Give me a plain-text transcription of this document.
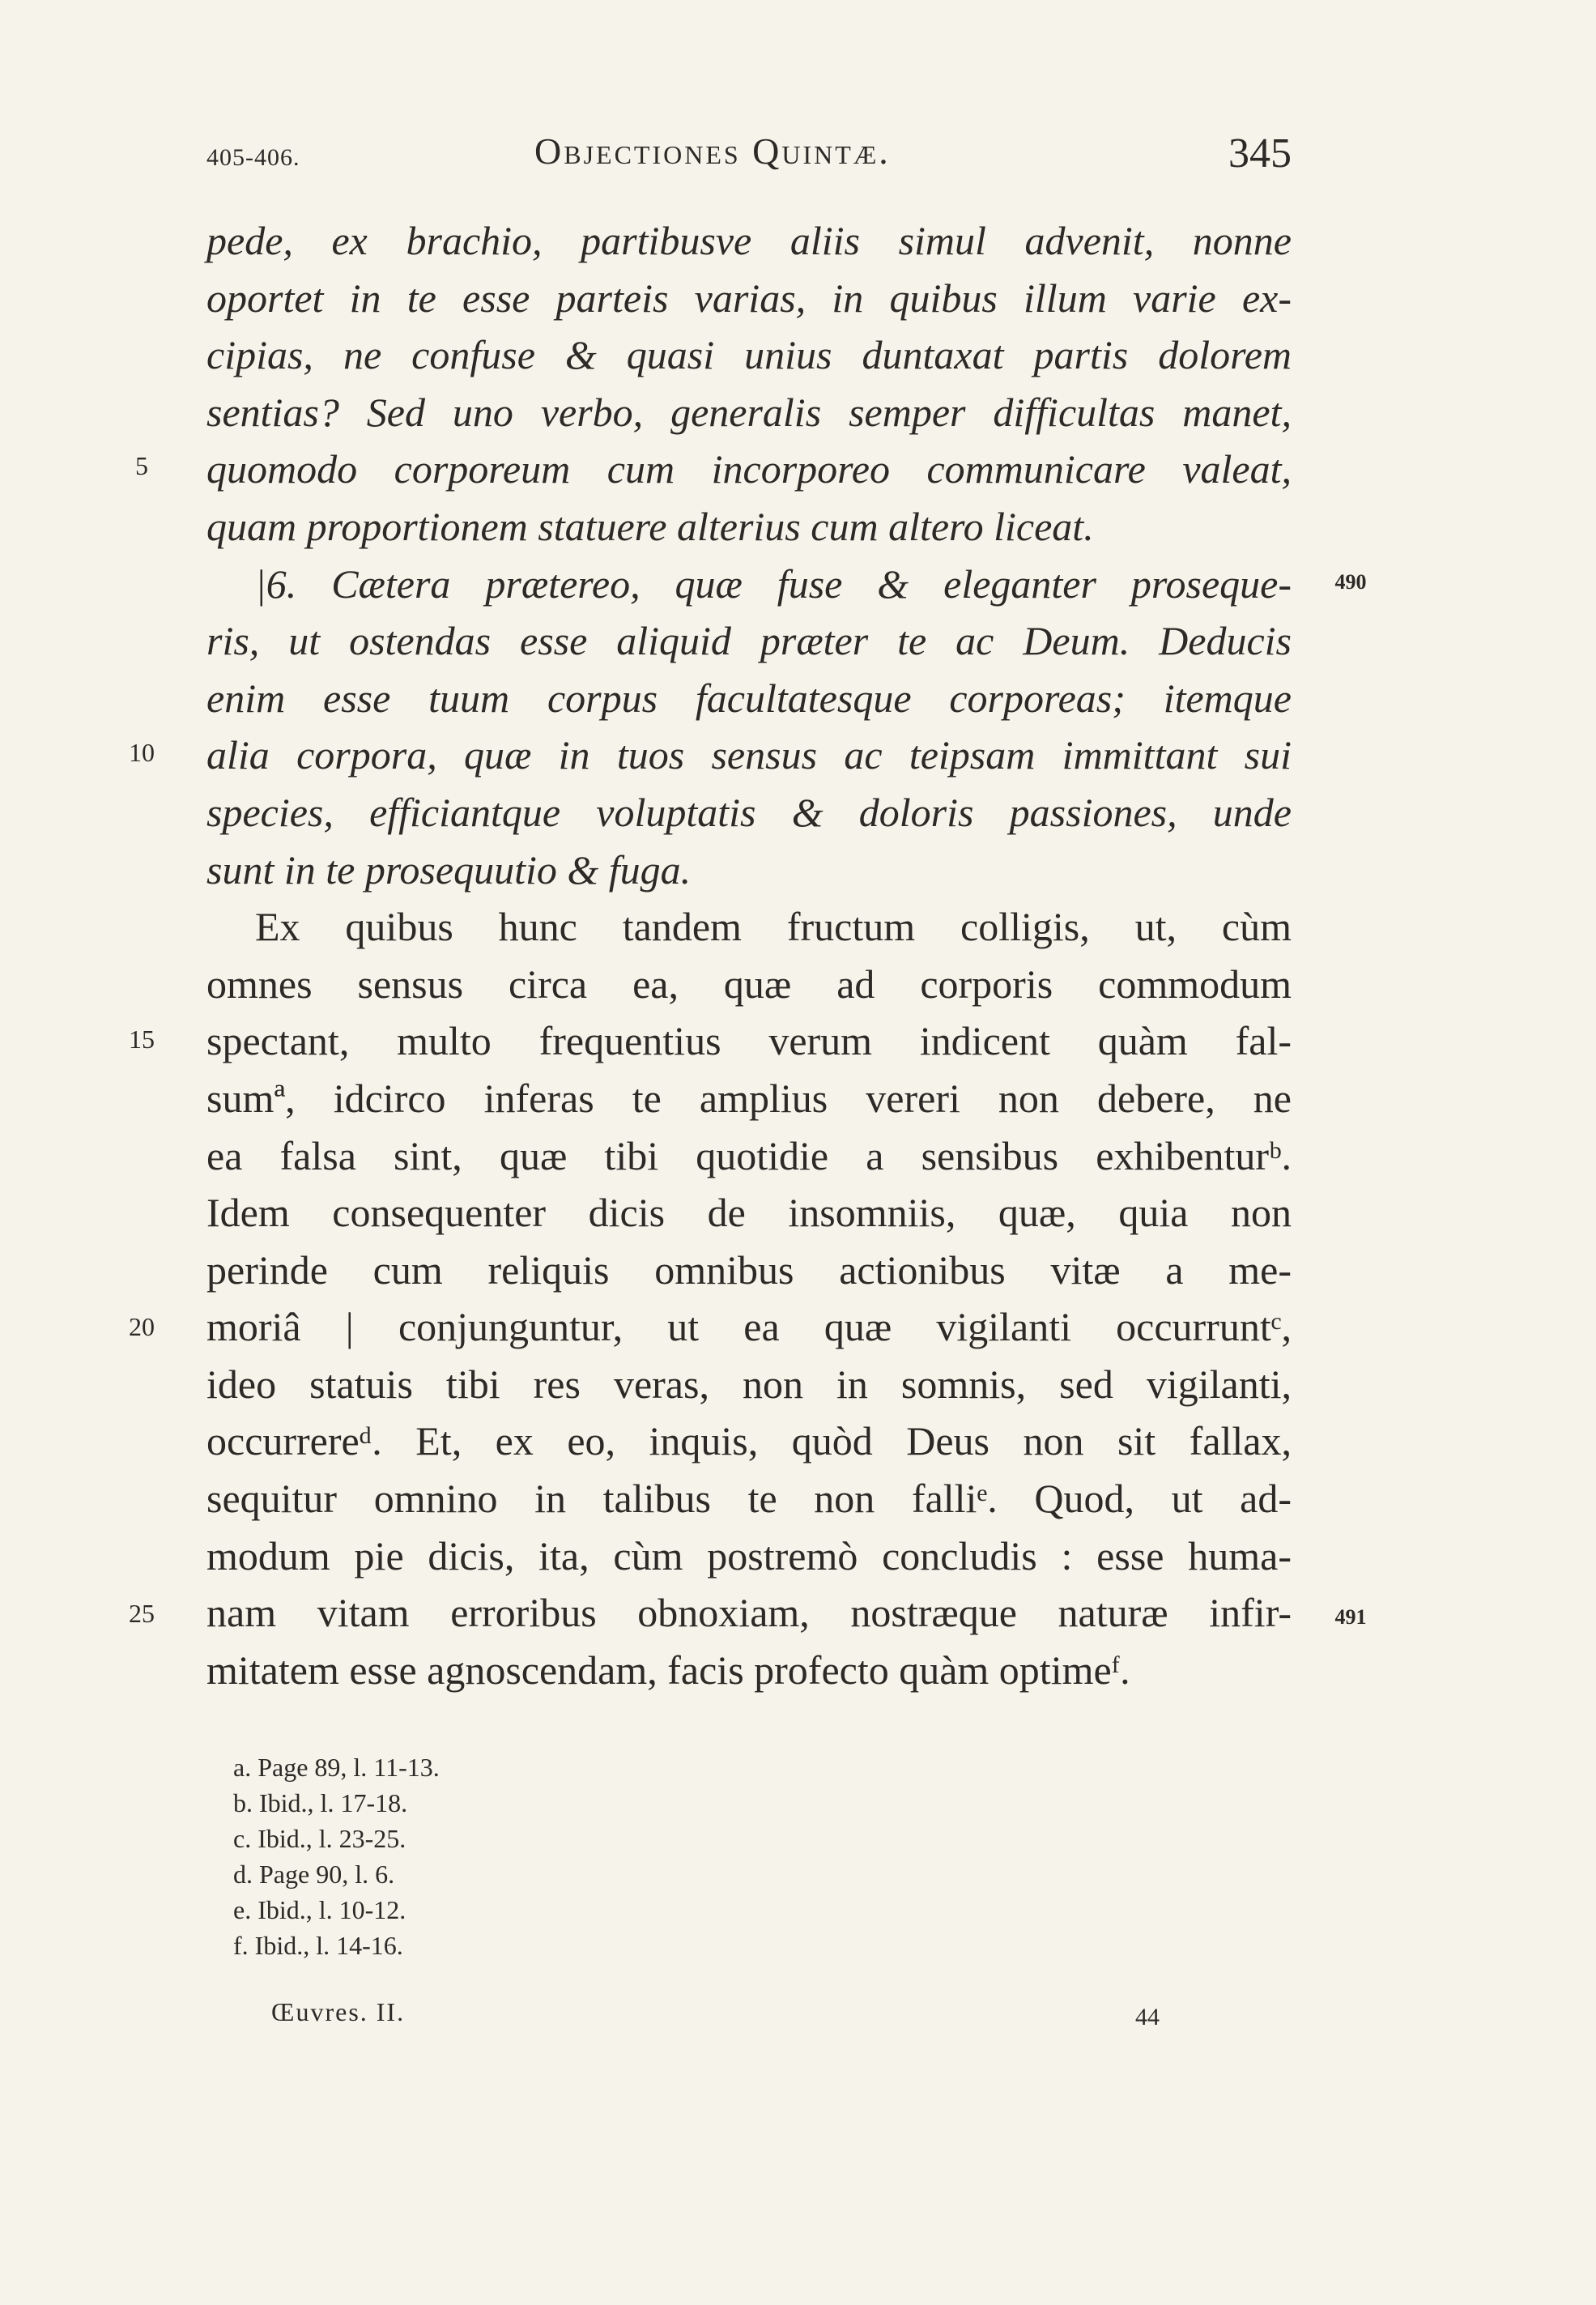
405-406.	Objectiones Quintæ.	345
pede, ex brachio, partibusve aliis simul advenit, nonne
oportet in te esse parteis varias, in quibus illum varie ex-
cipias, ne confuse & quasi unius duntaxat partis dolorem
sentias? Sed uno verbo, generalis semper difficultas manet,
quomodo corporeum cum incorporeo communicare valeat,
quam proportionem statuere alterius cum altero liceat.
|6. Cætera prætereo, quæ fuse & eleganter proseque-
ris, ut ostendas esse aliquid præter te ac Deum. Deducis
enim esse tuum corpus facultatesque corporeas; itemque
alia corpora, quæ in tuos sensus ac teipsam immittant sui
species, efficiantque voluptatis & doloris passiones, unde
sunt in te prosequutio & fuga.
Ex quibus hunc tandem fructum colligis, ut, cùm
omnes sensus circa ea, quæ ad corporis commodum
spectant, multo frequentius verum indicent quàm fal-
sumª, idcirco inferas te amplius vereri non debere, ne
ea falsa sint, quæ tibi quotidie a sensibus exhibenturᵇ.
Idem consequenter dicis de insomniis, quæ, quia non
perinde cum reliquis omnibus actionibus vitæ a me-
moriâ | conjunguntur, ut ea quæ vigilanti occurruntᶜ,
ideo statuis tibi res veras, non in somnis, sed vigilanti,
occurrereᵈ. Et, ex eo, inquis, quòd Deus non sit fallax,
sequitur omnino in talibus te non falliᵉ. Quod, ut ad-
modum pie dicis, ita, cùm postremò concludis : esse huma-
nam vitam erroribus obnoxiam, nostræque naturæ infir-
mitatem esse agnoscendam, facis profecto quàm optimeᶠ.
5
10
15
20
25
490
491
a. Page 89, l. 11-13.
b. Ibid., l. 17-18.
c. Ibid., l. 23-25.
d. Page 90, l. 6.
e. Ibid., l. 10-12.
f. Ibid., l. 14-16.
Œuvres. II.	44
